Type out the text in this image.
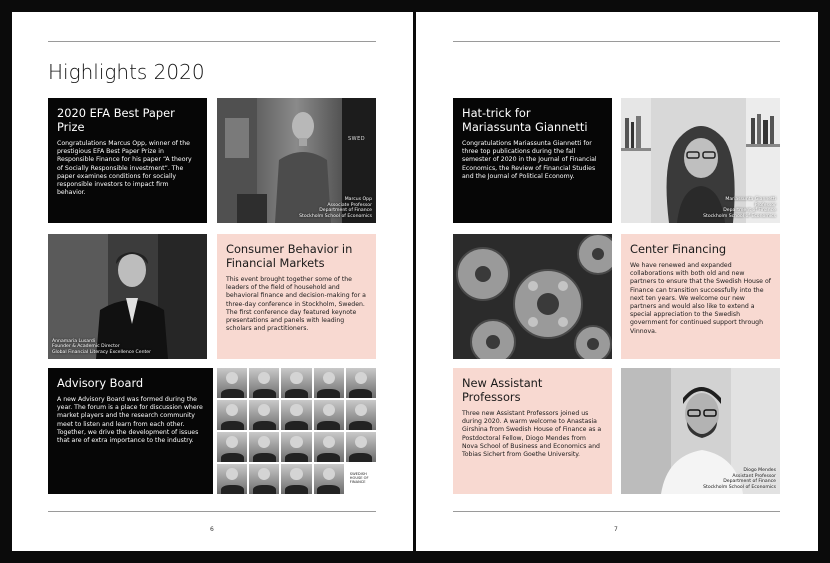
Highlights 2020
2020 EFA Best Paper Prize

Congratulations Marcus Opp, winner of the prestigious EFA Best Paper Prize in Responsible Finance for his paper “A theory of Socially Responsible investment”. The paper examines conditions for socially responsible investors to impact firm behavior.

SWED
Marcus Opp
Associate Professor
Department of Finance
Stockholm School of Economics
Annamaria Lusardi
Founder & Academic Director
Global Financial Literacy Excellence Center
Consumer Behavior in Financial Markets

This event brought together some of the leaders of the field of household and behavioral finance and decision-making for a three-day conference in Stockholm, Sweden. The first conference day featured keynote presentations and panels with leading scholars and practitioners.

Advisory Board

A new Advisory Board was formed during the year. The forum is a place for discussion where market players and the research community meet to listen and learn from each other. Together, we drive the development of issues that are of extra importance to the industry.

SWEDISH HOUSE OF FINANCE
6
Hat-trick for Mariassunta Giannetti

Congratulations Mariassunta Giannetti for three top publications during the fall semester of 2020 in the Journal of Financial Economics, the Review of Financial Studies and the Journal of Political Economy.

Mariassunta Giannetti
Professor
Department of Finance
Stockholm School of Economics
Center Financing

We have renewed and expanded collaborations with both old and new partners to ensure that the Swedish House of Finance can transition successfully into the next ten years. We welcome our new partners and would also like to extend a special appreciation to the Swedish government for continued support through Vinnova.

New Assistant Professors

Three new Assistant Professors joined us during 2020. A warm welcome to Anastasia Girshina from Swedish House of Finance as a Postdoctoral Fellow, Diogo Mendes from Nova School of Business and Economics and Tobias Sichert from Goethe University.

Diogo Mendes
Assistant Professor
Department of Finance
Stockholm School of Economics
7
